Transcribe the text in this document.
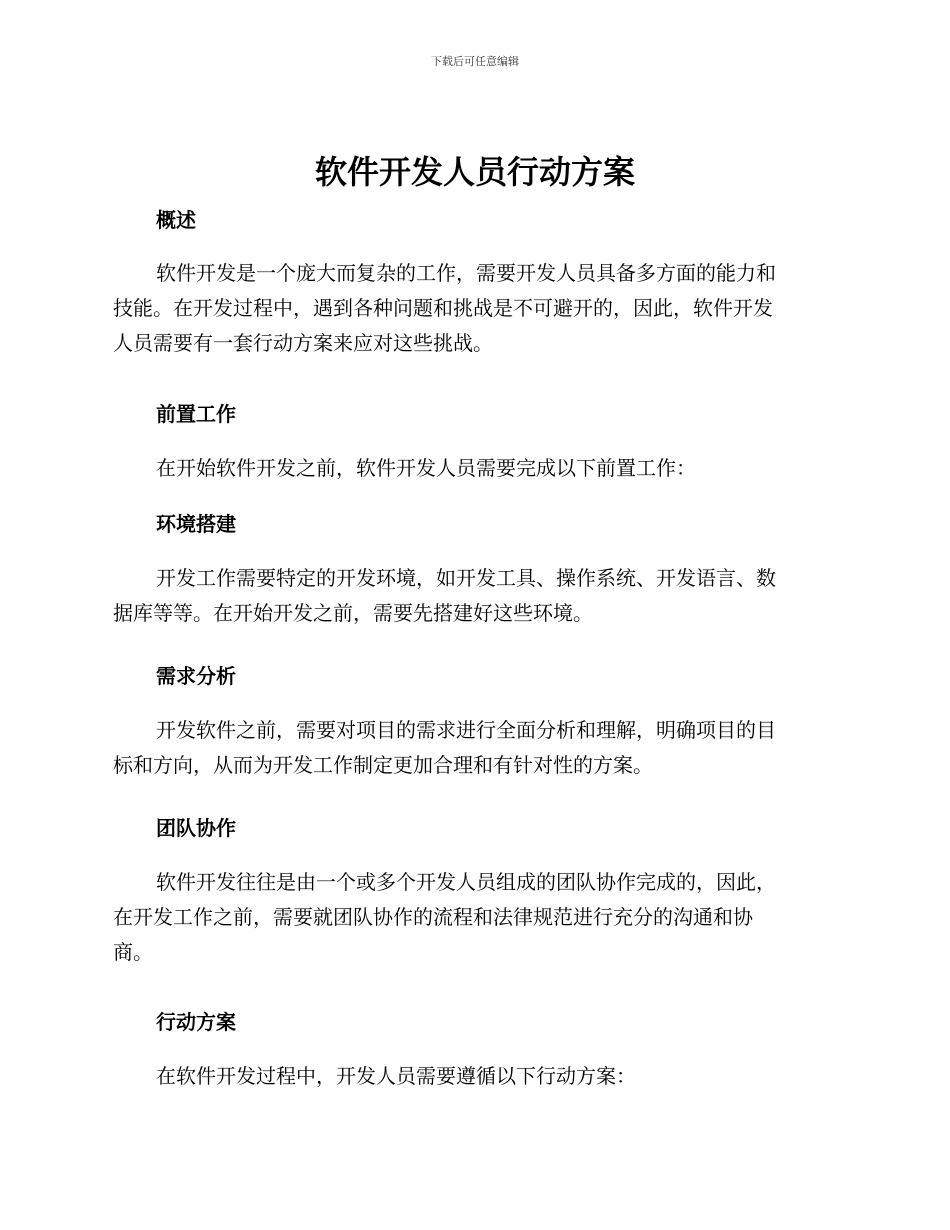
下载后可任意编辑
软件开发人员行动方案
概述
软件开发是一个庞大而复杂的工作，需要开发人员具备多方面的能力和
技能。在开发过程中，遇到各种问题和挑战是不可避开的，因此，软件开发
人员需要有一套行动方案来应对这些挑战。
前置工作
在开始软件开发之前，软件开发人员需要完成以下前置工作：
环境搭建
开发工作需要特定的开发环境，如开发工具、操作系统、开发语言、数
据库等等。在开始开发之前，需要先搭建好这些环境。
需求分析
开发软件之前，需要对项目的需求进行全面分析和理解，明确项目的目
标和方向，从而为开发工作制定更加合理和有针对性的方案。
团队协作
软件开发往往是由一个或多个开发人员组成的团队协作完成的，因此，
在开发工作之前，需要就团队协作的流程和法律规范进行充分的沟通和协
商。
行动方案
在软件开发过程中，开发人员需要遵循以下行动方案：
